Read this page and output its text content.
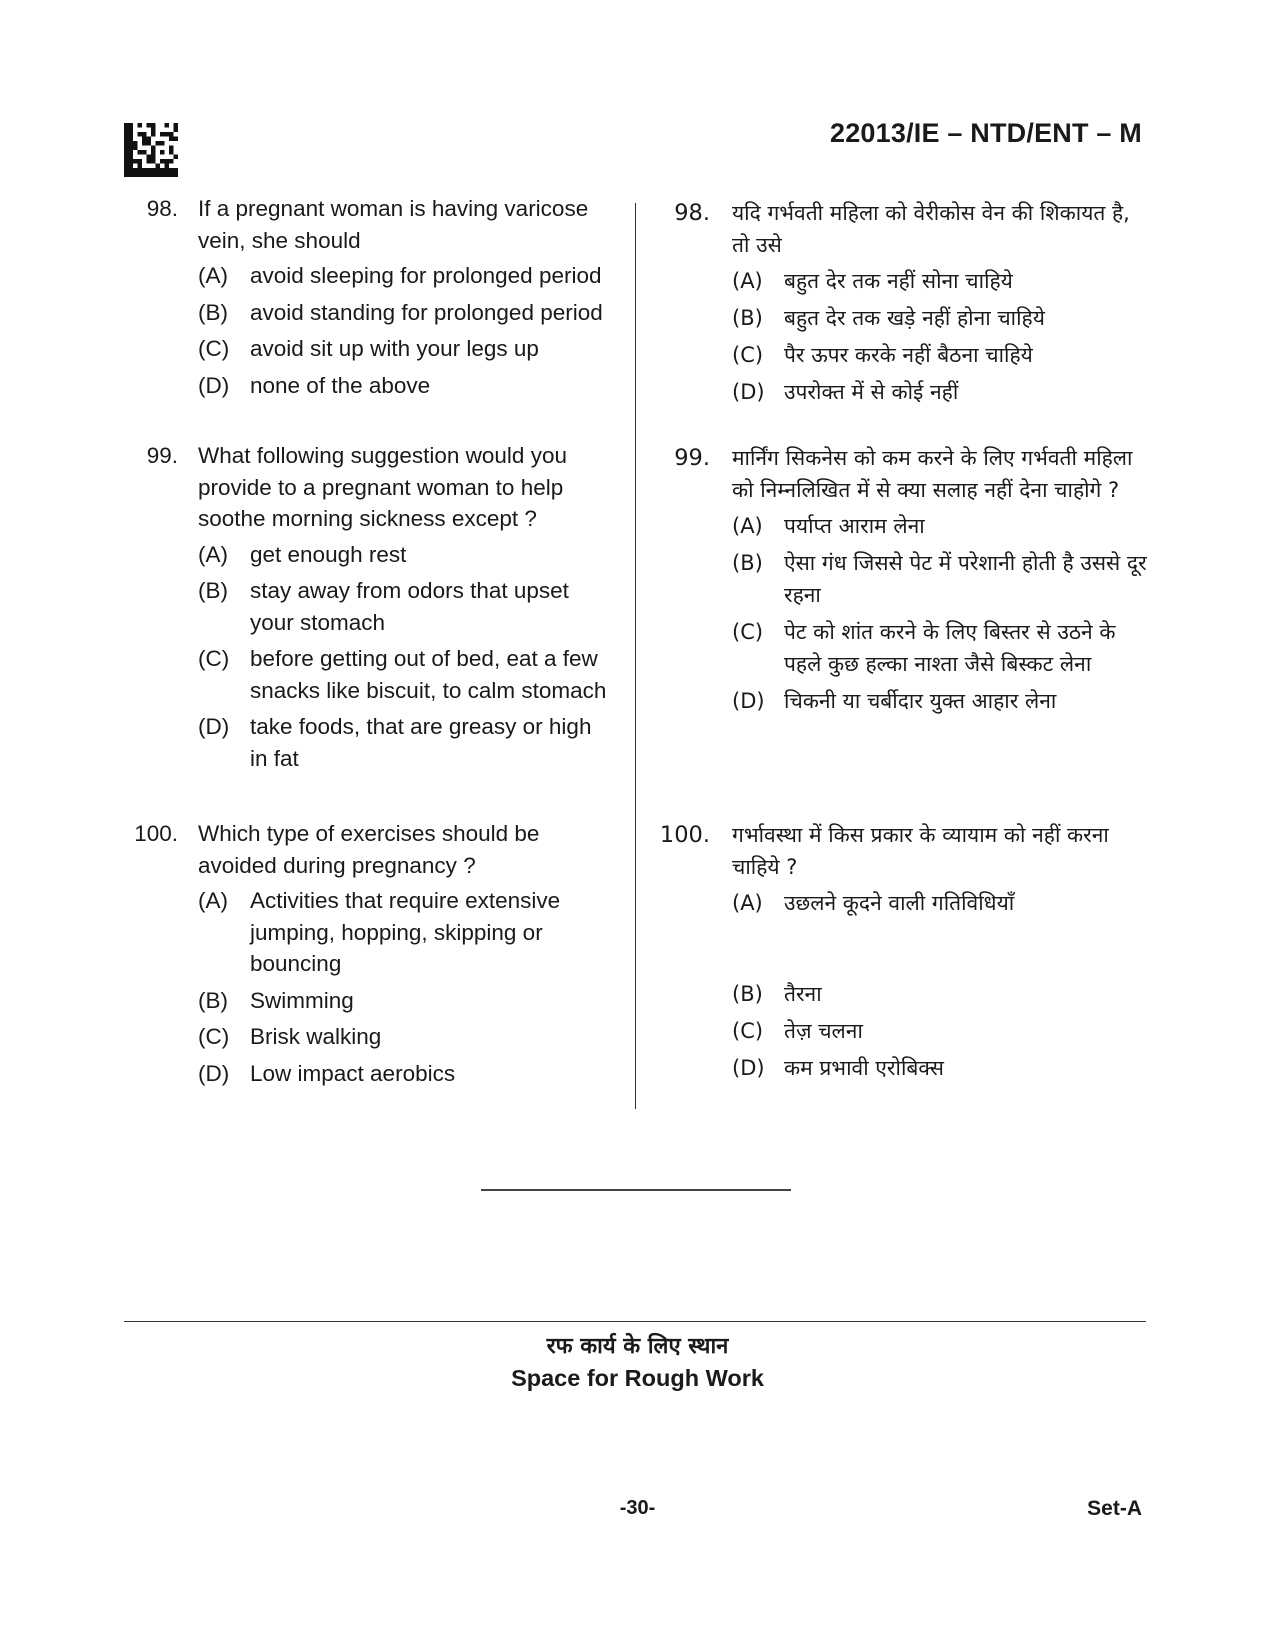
22013/IE – NTD/ENT – M
98. If a pregnant woman is having varicose vein, she should
(A) avoid sleeping for prolonged period
(B) avoid standing for prolonged period
(C) avoid sit up with your legs up
(D) none of the above
99. What following suggestion would you provide to a pregnant woman to help soothe morning sickness except ?
(A) get enough rest
(B) stay away from odors that upset your stomach
(C) before getting out of bed, eat a few snacks like biscuit, to calm stomach
(D) take foods, that are greasy or high in fat
100. Which type of exercises should be avoided during pregnancy ?
(A) Activities that require extensive jumping, hopping, skipping or bouncing
(B) Swimming
(C) Brisk walking
(D) Low impact aerobics
98. यदि गर्भवती महिला को वेरीकोस वेन की शिकायत है, तो उसे
(A)	बहुत देर तक नहीं सोना चाहिये
(B)	बहुत देर तक खड़े नहीं होना चाहिये
(C) पैर ऊपर करके नहीं बैठना चाहिये
(D) उपरोक्त में से कोई नहीं
99. मार्निंग सिकनेस को कम करने के लिए गर्भवती महिला को निम्नलिखित में से क्या सलाह नहीं देना चाहोगे ?
(A)	पर्याप्त आराम लेना
(B)	ऐसा गंध जिससे पेट में परेशानी होती है उससे दूर रहना
(C) पेट को शांत करने के लिए बिस्तर से उठने के पहले कुछ हल्का नाश्ता जैसे बिस्कट लेना
(D) चिकनी या चर्बीदार युक्त आहार लेना
100. गर्भावस्था में किस प्रकार के व्यायाम को नहीं करना चाहिये ?
(A)	उछलने कूदने वाली गतिविधियाँ
(B)	तैरना
(C) तेज़ चलना
(D) कम प्रभावी एरोबिक्स
रफ कार्य के लिए स्थान
Space for Rough Work
-30-	Set-A
